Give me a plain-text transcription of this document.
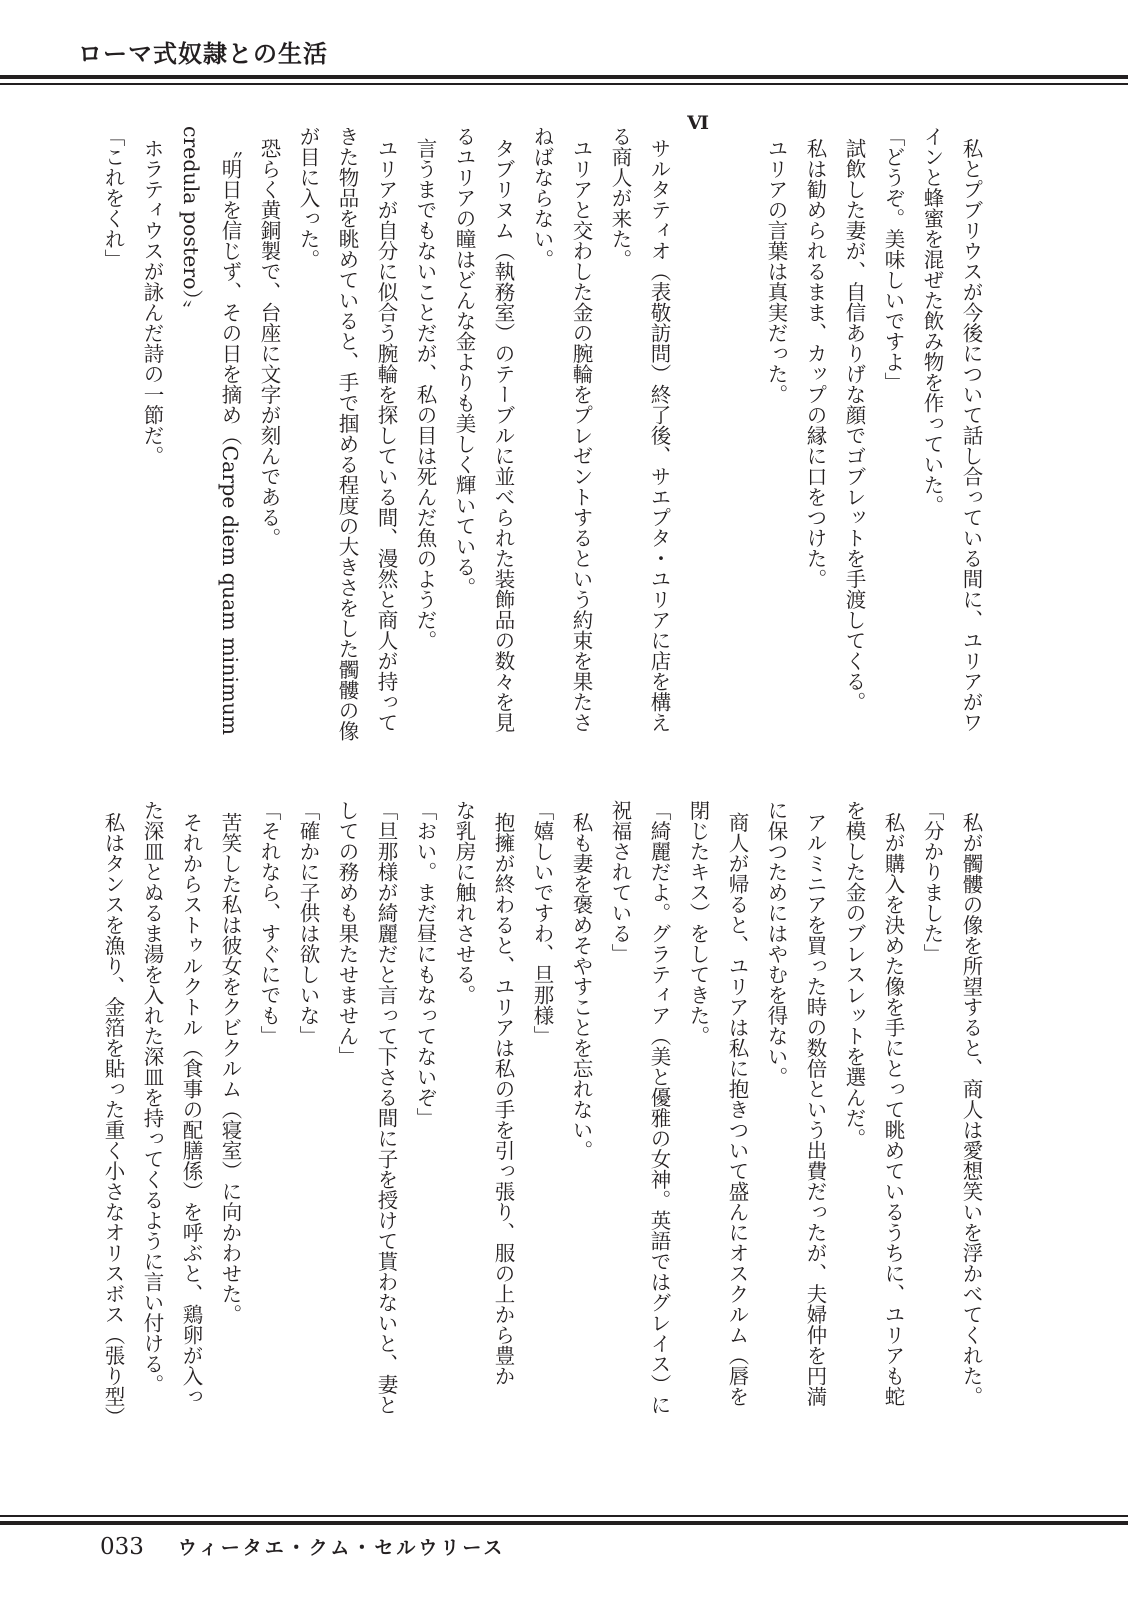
ローマ式奴隷との生活
私とプブリウスが今後について話し合っている間に、ユリアがワ
インと蜂蜜を混ぜた飲み物を作っていた。
「どうぞ。美味しいですよ」
試飲した妻が、自信ありげな顔でゴブレットを手渡してくる。
私は勧められるまま、カップの縁に口をつけた。
ユリアの言葉は真実だった。

Ⅵ
サルタティオ（表敬訪問）終了後、サエプタ・ユリアに店を構え
る商人が来た。
ユリアと交わした金の腕輪をプレゼントするという約束を果たさ
ねばならない。
タブリヌム（執務室）のテーブルに並べられた装飾品の数々を見
るユリアの瞳はどんな金よりも美しく輝いている。
言うまでもないことだが、私の目は死んだ魚のようだ。
ユリアが自分に似合う腕輪を探している間、漫然と商人が持って
きた物品を眺めていると、手で掴める程度の大きさをした髑髏の像
が目に入った。
恐らく黄銅製で、台座に文字が刻んである。
〝明日を信じず、その日を摘め（Carpe diem quam minimum
credula postero）〟
ホラティウスが詠んだ詩の一節だ。
「これをくれ」
私が髑髏の像を所望すると、商人は愛想笑いを浮かべてくれた。
「分かりました」
私が購入を決めた像を手にとって眺めているうちに、ユリアも蛇
を模した金のブレスレットを選んだ。
アルミニアを買った時の数倍という出費だったが、夫婦仲を円満
に保つためにはやむを得ない。
商人が帰ると、ユリアは私に抱きついて盛んにオスクルム（唇を
閉じたキス）をしてきた。
「綺麗だよ。グラティア（美と優雅の女神。英語ではグレイス）に
祝福されている」
私も妻を褒めそやすことを忘れない。
「嬉しいですわ、旦那様」
抱擁が終わると、ユリアは私の手を引っ張り、服の上から豊か
な乳房に触れさせる。
「おい。まだ昼にもなってないぞ」
「旦那様が綺麗だと言って下さる間に子を授けて貰わないと、妻と
しての務めも果たせません」
「確かに子供は欲しいな」
「それなら、すぐにでも」
苦笑した私は彼女をクビクルム（寝室）に向かわせた。
それからストゥルクトル（食事の配膳係）を呼ぶと、鶏卵が入っ
た深皿とぬるま湯を入れた深皿を持ってくるように言い付ける。
私はタンスを漁り、金箔を貼った重く小さなオリスボス（張り型）
033 ウィータエ・クム・セルウリース
